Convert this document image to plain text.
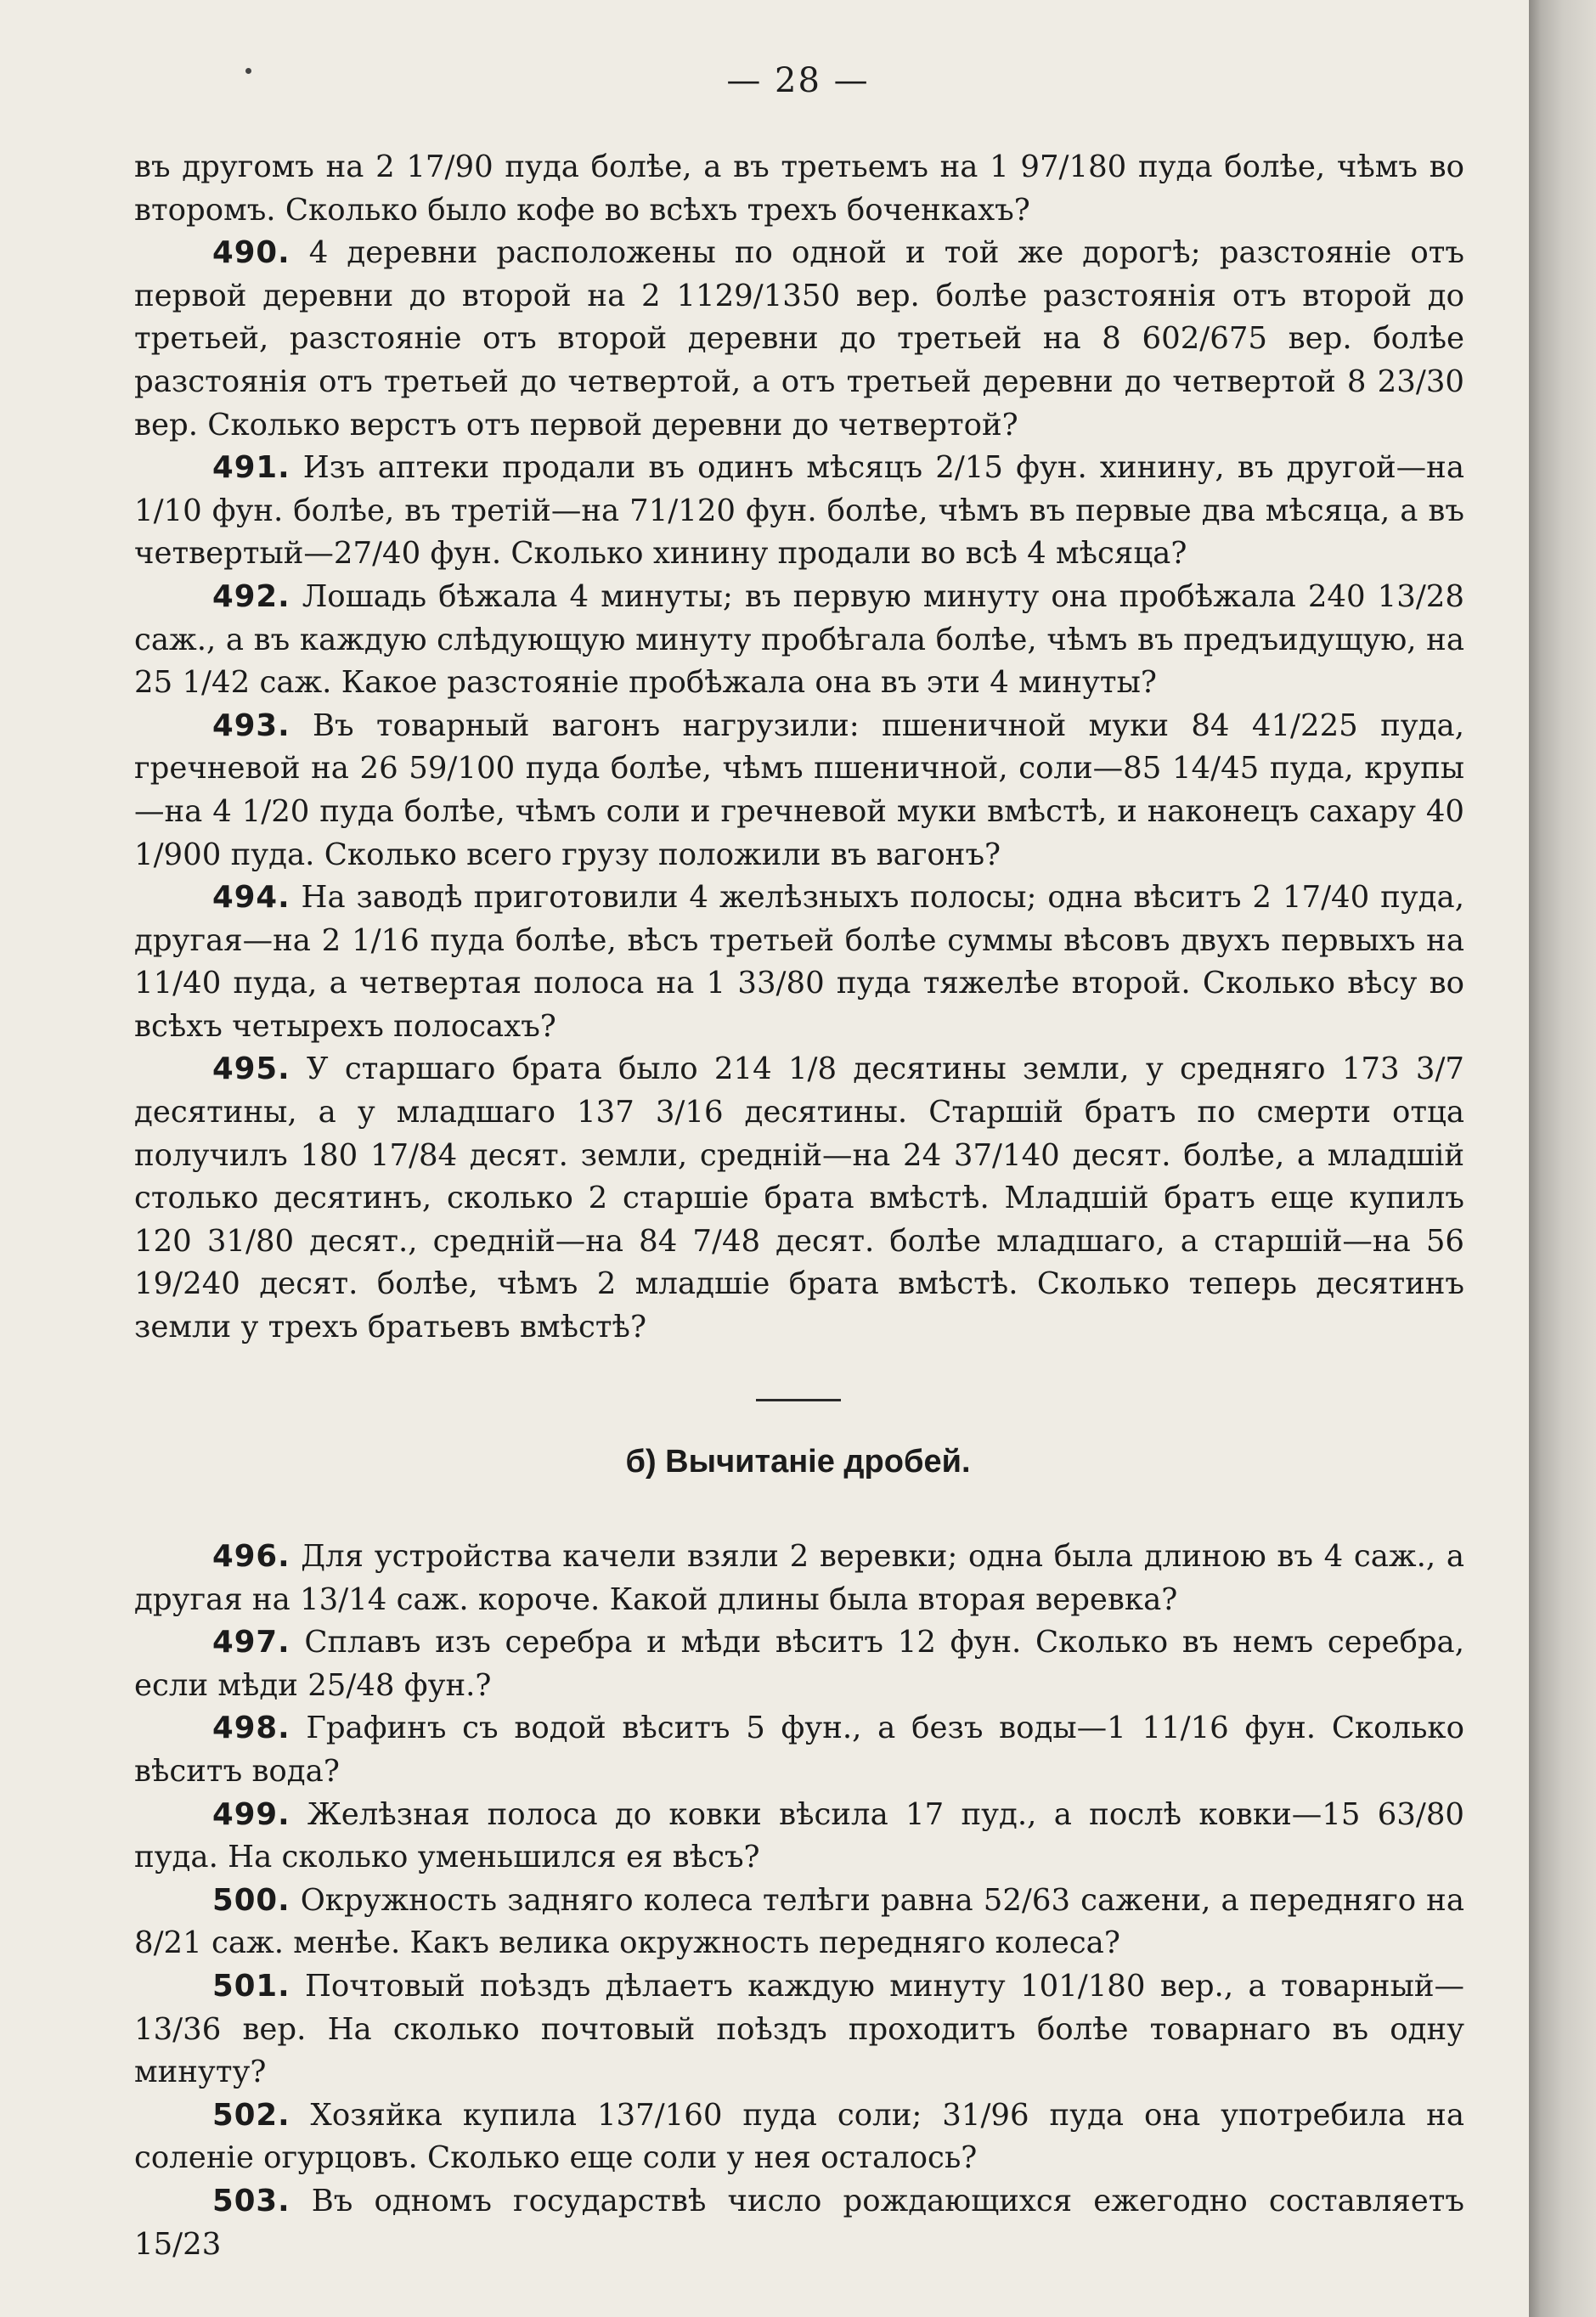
— 28 —

въ другомъ на 2 17/90 пуда болѣе, а въ третьемъ на 1 97/180 пуда болѣе, чѣмъ во второмъ. Сколько было кофе во всѣхъ трехъ боченкахъ?

490. 4 деревни расположены по одной и той же дорогѣ; разстояніе отъ первой деревни до второй на 2 1129/1350 вер. болѣе разстоянія отъ второй до третьей, разстояніе отъ второй деревни до третьей на 8 602/675 вер. болѣе разстоянія отъ третьей до четвертой, а отъ третьей деревни до четвертой 8 23/30 вер. Сколько верстъ отъ первой деревни до четвертой?

491. Изъ аптеки продали въ одинъ мѣсяцъ 2/15 фун. хинину, въ другой—на 1/10 фун. болѣе, въ третій—на 71/120 фун. болѣе, чѣмъ въ первые два мѣсяца, а въ четвертый—27/40 фун. Сколько хинину продали во всѣ 4 мѣсяца?

492. Лошадь бѣжала 4 минуты; въ первую минуту она пробѣжала 240 13/28 саж., а въ каждую слѣдующую минуту пробѣгала болѣе, чѣмъ въ предъидущую, на 25 1/42 саж. Какое разстояніе пробѣжала она въ эти 4 минуты?

493. Въ товарный вагонъ нагрузили: пшеничной муки 84 41/225 пуда, гречневой на 26 59/100 пуда болѣе, чѣмъ пшеничной, соли—85 14/45 пуда, крупы—на 4 1/20 пуда болѣе, чѣмъ соли и гречневой муки вмѣстѣ, и наконецъ сахару 40 1/900 пуда. Сколько всего грузу положили въ вагонъ?

494. На заводѣ приготовили 4 желѣзныхъ полосы; одна вѣситъ 2 17/40 пуда, другая—на 2 1/16 пуда болѣе, вѣсъ третьей болѣе суммы вѣсовъ двухъ первыхъ на 11/40 пуда, а четвертая полоса на 1 33/80 пуда тяжелѣе второй. Сколько вѣсу во всѣхъ четырехъ полосахъ?

495. У старшаго брата было 214 1/8 десятины земли, у средняго 173 3/7 десятины, а у младшаго 137 3/16 десятины. Старшій братъ по смерти отца получилъ 180 17/84 десят. земли, средній—на 24 37/140 десят. болѣе, а младшій столько десятинъ, сколько 2 старшіе брата вмѣстѣ. Младшій братъ еще купилъ 120 31/80 десят., средній—на 84 7/48 десят. болѣе младшаго, а старшій—на 56 19/240 десят. болѣе, чѣмъ 2 младшіе брата вмѣстѣ. Сколько теперь десятинъ земли у трехъ братьевъ вмѣстѣ?

б) Вычитаніе дробей.

496. Для устройства качели взяли 2 веревки; одна была длиною въ 4 саж., а другая на 13/14 саж. короче. Какой длины была вторая веревка?

497. Сплавъ изъ серебра и мѣди вѣситъ 12 фун. Сколько въ немъ серебра, если мѣди 25/48 фун.?

498. Графинъ съ водой вѣситъ 5 фун., а безъ воды—1 11/16 фун. Сколько вѣситъ вода?

499. Желѣзная полоса до ковки вѣсила 17 пуд., а послѣ ковки—15 63/80 пуда. На сколько уменьшился ея вѣсъ?

500. Окружность задняго колеса телѣги равна 52/63 сажени, а передняго на 8/21 саж. менѣе. Какъ велика окружность передняго колеса?

501. Почтовый поѣздъ дѣлаетъ каждую минуту 101/180 вер., а товарный—13/36 вер. На сколько почтовый поѣздъ проходитъ болѣе товарнаго въ одну минуту?

502. Хозяйка купила 137/160 пуда соли; 31/96 пуда она употребила на соленіе огурцовъ. Сколько еще соли у нея осталось?

503. Въ одномъ государствѣ число рождающихся ежегодно составляетъ 15/23
